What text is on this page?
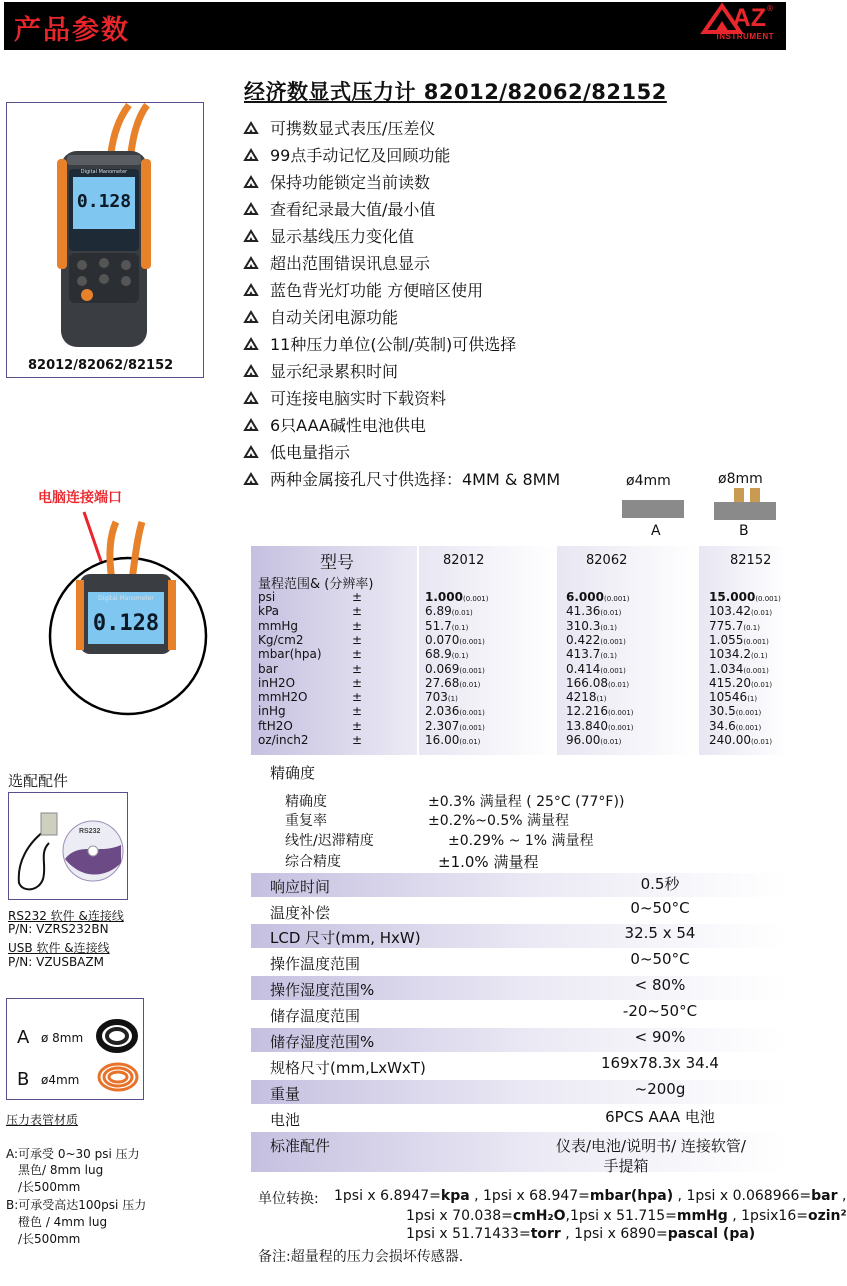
产品参数	AZ ®
INSTRUMENT
经济数显式压力计 82012/82062/82152
Digital Manometer
0.128
82012/82062/82152
可携数显式表压/压差仪
99点手动记忆及回顾功能
保持功能锁定当前读数
查看纪录最大值/最小值
显示基线压力变化值
超出范围错误讯息显示
蓝色背光灯功能 方便暗区使用
自动关闭电源功能
11种压力单位(公制/英制)可供选择
显示纪录累积时间
可连接电脑实时下载资料
6只AAA碱性电池供电
低电量指示
两种金属接孔尺寸供选择：4MM & 8MM	ø4mm
A
ø8mm
B
电脑连接端口
Digital Manometer
0.128
型号
量程范围& (分辨率)
82012	82062	82152
psi	±	1.000(0.001)	6.000(0.001)	15.000(0.001)
kPa	±	6.89(0.01)	41.36(0.01)	103.42(0.01)
mmHg	±	51.7(0.1)	310.3(0.1)	775.7(0.1)
Kg/cm2	±	0.070(0.001)	0.422(0.001)	1.055(0.001)
mbar(hpa)	±	68.9(0.1)	413.7(0.1)	1034.2(0.1)
bar	±	0.069(0.001)	0.414(0.001)	1.034(0.001)
inH2O	±	27.68(0.01)	166.08(0.01)	415.20(0.01)
mmH2O	±	703(1)	4218(1)	10546(1)
inHg	±	2.036(0.001)	12.216(0.001)	30.5(0.001)
ftH2O	±	2.307(0.001)	13.840(0.001)	34.6(0.001)
oz/inch2	±	16.00(0.01)	96.00(0.01)	240.00(0.01)
精确度
精确度	±0.3% 满量程 ( 25°C (77°F))
重复率	±0.2%~0.5% 满量程
线性/迟滞精度	±0.29% ~ 1% 满量程
综合精度	±1.0% 满量程
响应时间	0.5秒
温度补偿	0~50°C
LCD 尺寸(mm, HxW)	32.5 x 54
操作温度范围	0~50°C
操作湿度范围%	< 80%
储存温度范围	-20~50°C
储存湿度范围%	< 90%
规格尺寸(mm,LxWxT)	169x78.3x 34.4
重量	~200g
电池	6PCS AAA 电池
标准配件	仪表/电池/说明书/ 连接软管/
手提箱
选配配件
RS232
RS232 软件 &连接线
P/N: VZRS232BN
USB 软件 &连接线
P/N: VZUSBAZM
A ø 8mm
B ø4mm
压力表管材质
A:可承受 0~30 psi 压力
黑色/ 8mm lug
/长500mm
B:可承受高达100psi 压力
橙色 / 4mm lug
/长500mm
单位转换: 1psi x 6.8947=kpa , 1psi x 68.947=mbar(hpa) , 1psi x 0.068966=bar ,
1psi x 70.038=cmH₂O,1psi x 51.715=mmHg , 1psix16=ozin²
1psi x 51.71433=torr , 1psi x 6890=pascal (pa)
备注:超量程的压力会损坏传感器.
